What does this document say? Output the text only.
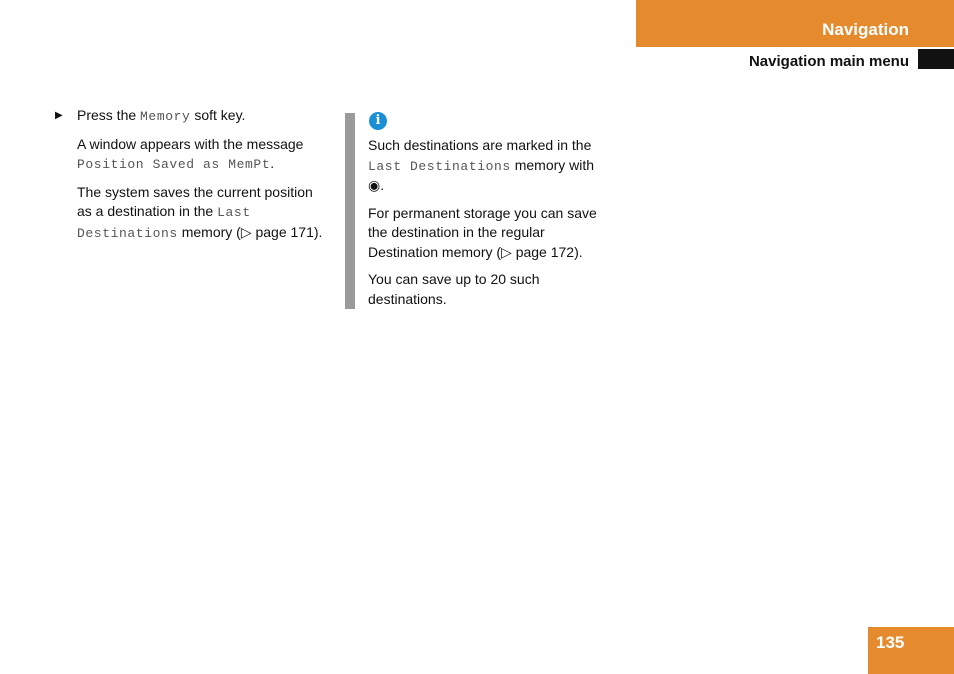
Navigation
Navigation main menu
▶ Press the Memory soft key.

A window appears with the message Position Saved as MemPt.

The system saves the current position as a destination in the Last Destinations memory (▷ page 171).

i

Such destinations are marked in the Last Destinations memory with ◉.

For permanent storage you can save the destination in the regular Destination memory (▷ page 172).

You can save up to 20 such destinations.

135
